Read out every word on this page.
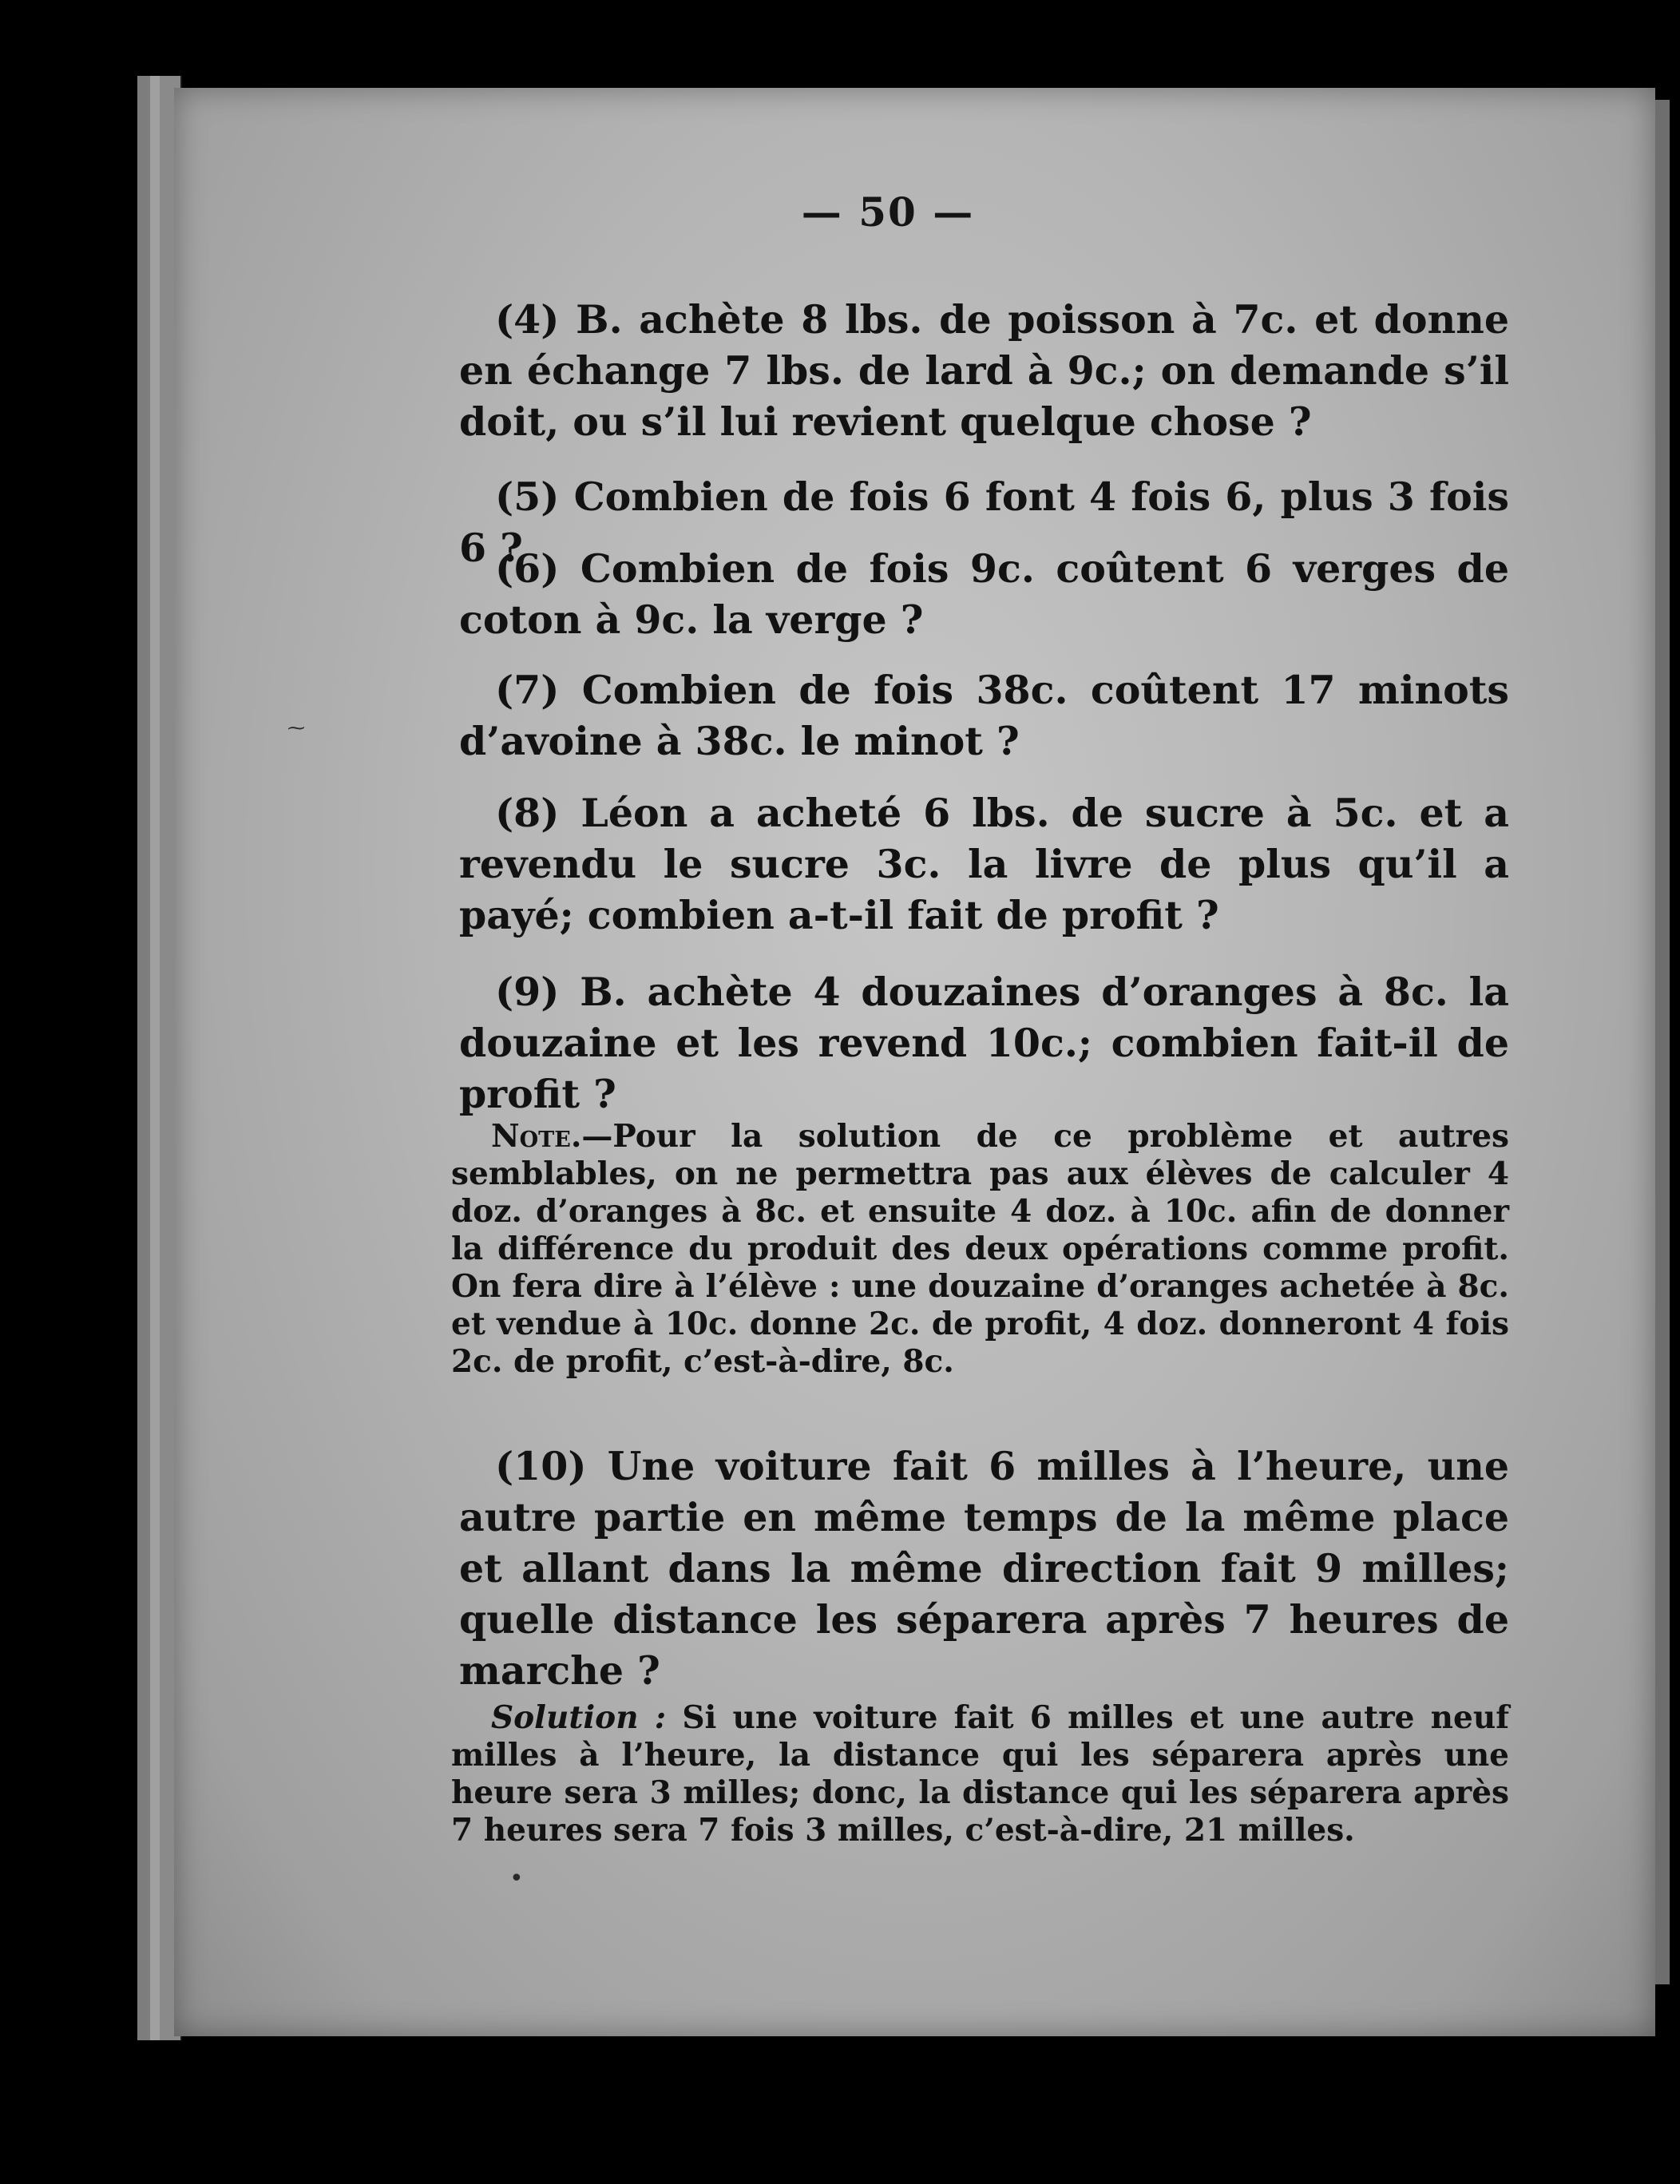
— 50 —
(4) B. achète 8 lbs. de poisson à 7c. et donne en échange 7 lbs. de lard à 9c.; on demande s’il doit, ou s’il lui revient quelque chose ?
(5) Combien de fois 6 font 4 fois 6, plus 3 fois 6 ?
(6) Combien de fois 9c. coûtent 6 verges de coton à 9c. la verge ?
(7) Combien de fois 38c. coûtent 17 minots d’avoine à 38c. le minot ?
(8) Léon a acheté 6 lbs. de sucre à 5c. et a revendu le sucre 3c. la livre de plus qu’il a payé; combien a-t-il fait de profit ?
(9) B. achète 4 douzaines d’oranges à 8c. la douzaine et les revend 10c.; combien fait-il de profit ?
Note.—Pour la solution de ce problème et autres semblables, on ne permettra pas aux élèves de calculer 4 doz. d’oranges à 8c. et ensuite 4 doz. à 10c. afin de donner la différence du produit des deux opérations comme profit. On fera dire à l’élève : une douzaine d’oranges achetée à 8c. et vendue à 10c. donne 2c. de profit, 4 doz. donneront 4 fois 2c. de profit, c’est-à-dire, 8c.
(10) Une voiture fait 6 milles à l’heure, une autre partie en même temps de la même place et allant dans la même direction fait 9 milles; quelle distance les séparera après 7 heures de marche ?
Solution : Si une voiture fait 6 milles et une autre neuf milles à l’heure, la distance qui les séparera après une heure sera 3 milles; donc, la distance qui les séparera après 7 heures sera 7 fois 3 milles, c’est-à-dire, 21 milles.
•
⁓
